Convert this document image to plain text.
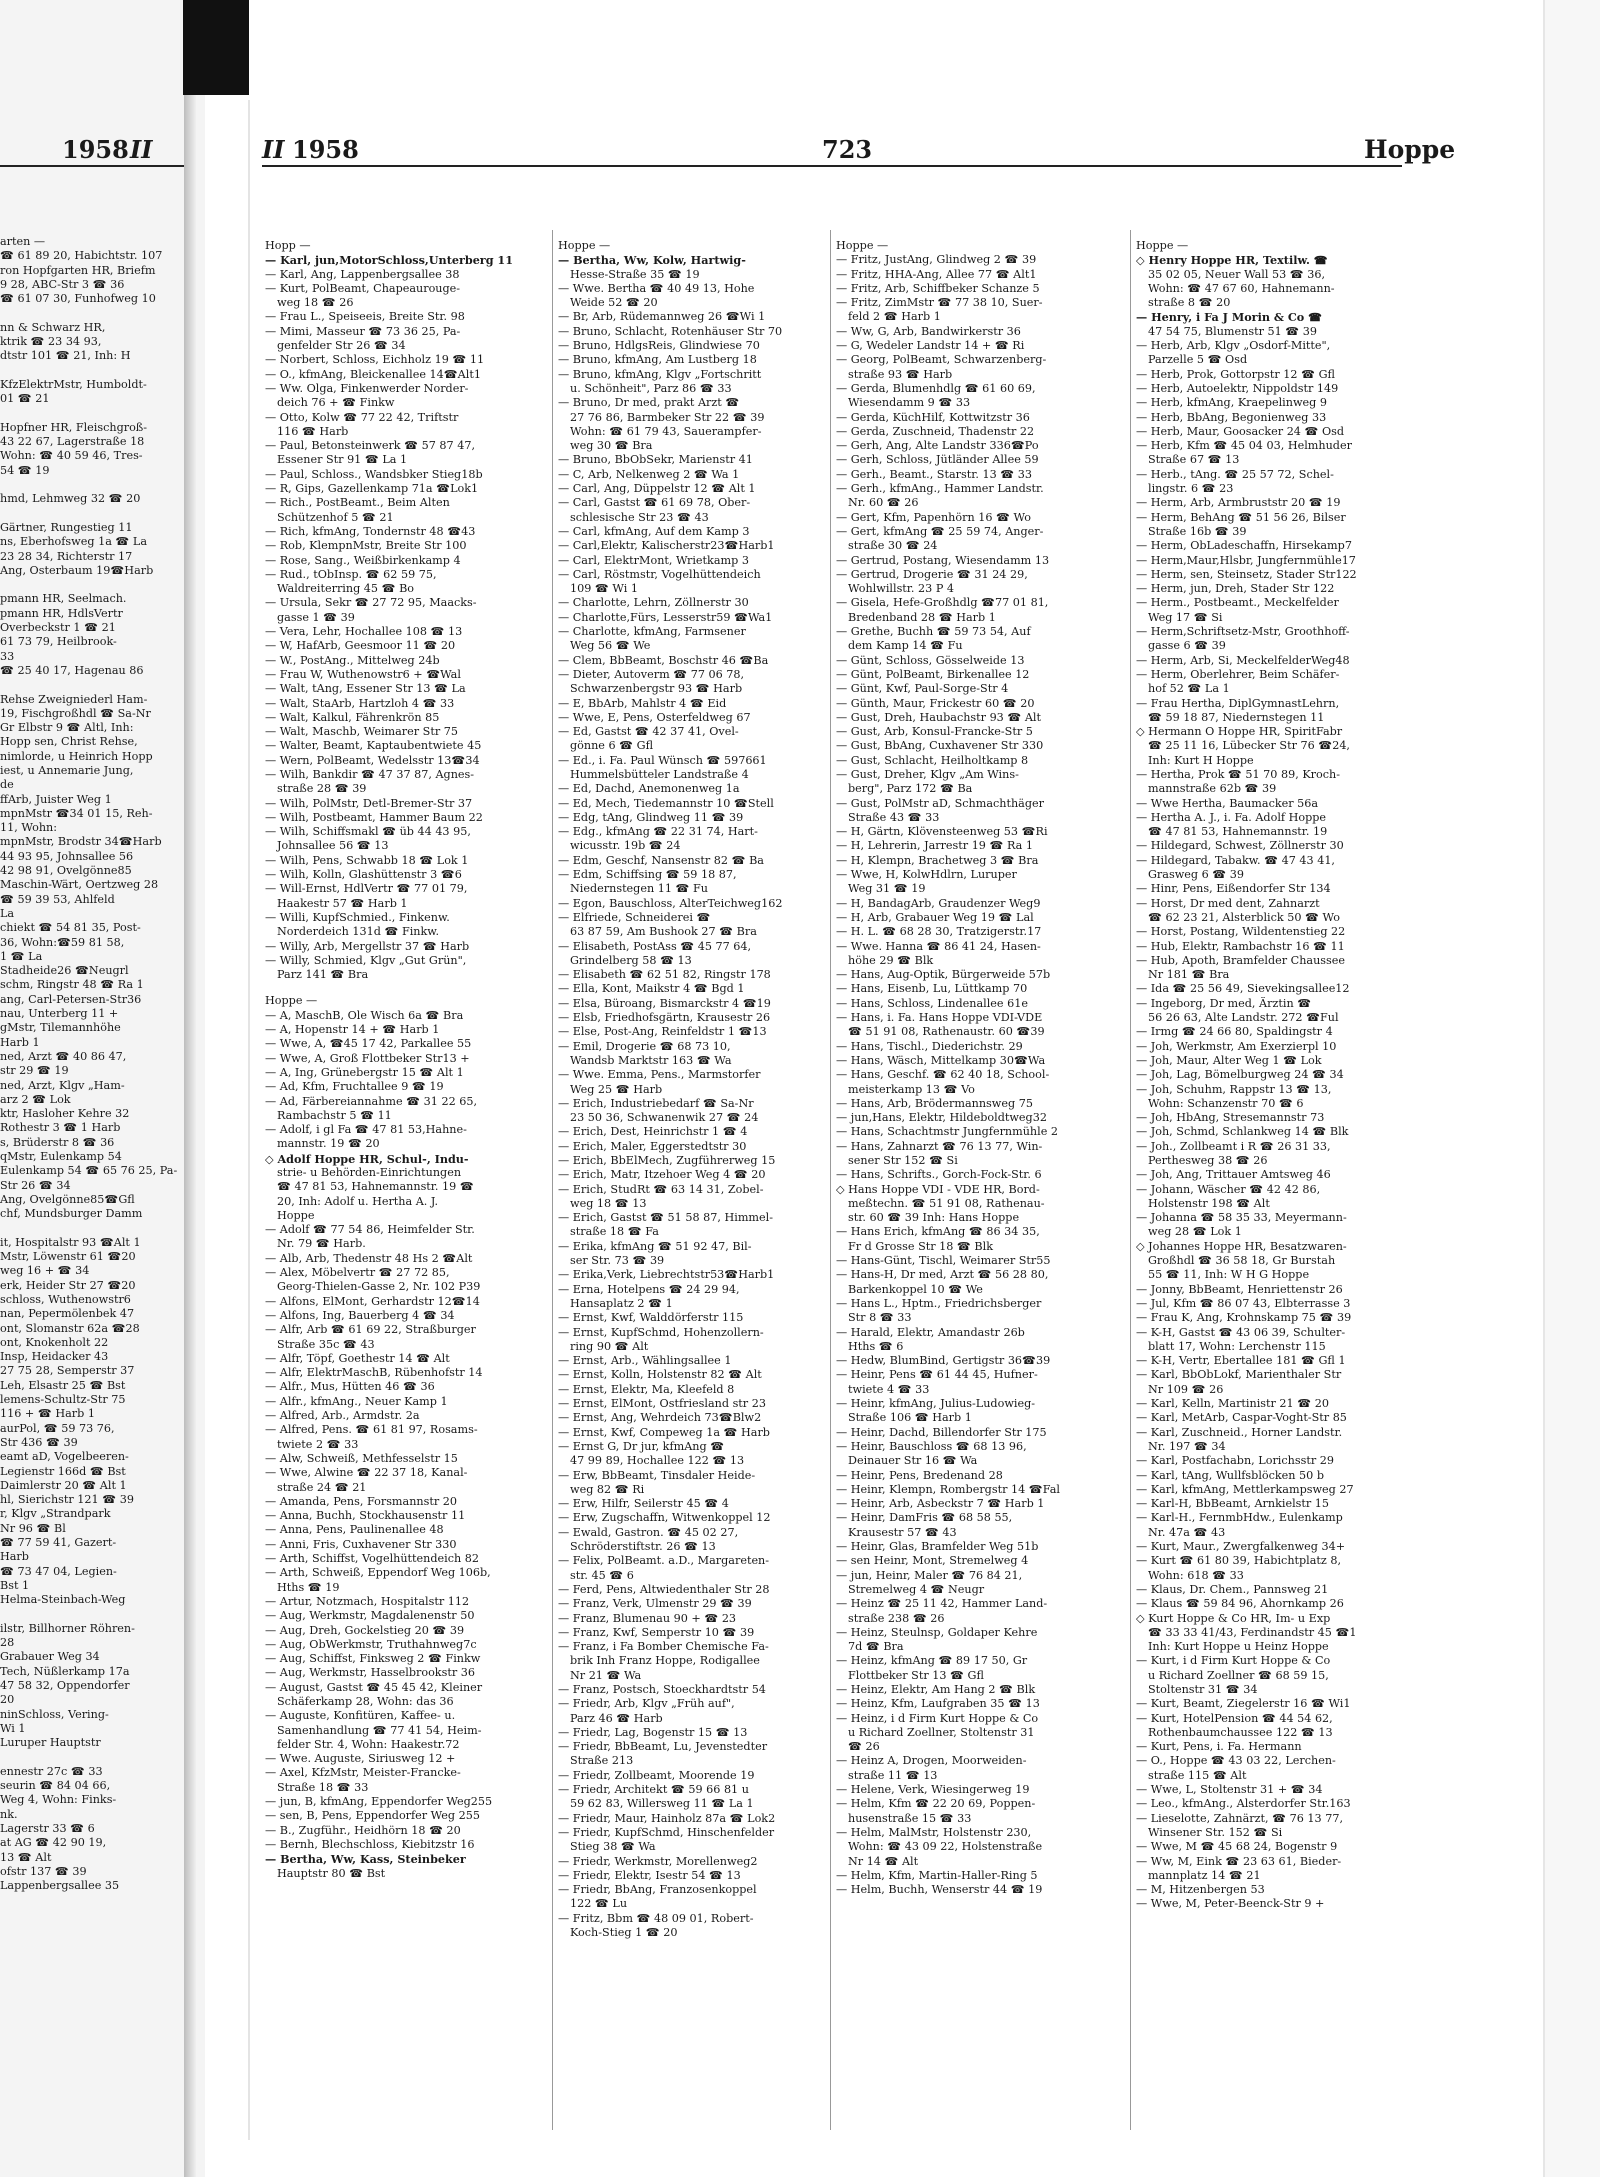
1958 II
arten —
☎ 61 89 20, Habichtstr. 107
ron Hopfgarten HR, Briefm
9 28, ABC-Str 3 ☎ 36
☎ 61 07 30, Funhofweg 10

nn & Schwarz HR,
ktrik ☎ 23 34 93,
dtstr 101 ☎ 21, Inh: H

KfzElektrMstr, Humboldt-
01 ☎ 21

Hopfner HR, Fleischgroß-
43 22 67, Lagerstraße 18
Wohn: ☎ 40 59 46, Tres-
54 ☎ 19

hmd, Lehmweg 32 ☎ 20

Gärtner, Rungestieg 11
ns, Eberhofsweg 1a ☎ La
23 28 34, Richterstr 17
Ang, Osterbaum 19☎Harb

pmann HR, Seelmach.
pmann HR, HdlsVertr
Overbeckstr 1 ☎ 21
61 73 79, Heilbrook-
33
☎ 25 40 17, Hagenau 86

Rehse Zweigniederl Ham-
19, Fischgroßhdl ☎ Sa-Nr
Gr Elbstr 9 ☎ Altl, Inh:
Hopp sen, Christ Rehse,
nimlorde, u Heinrich Hopp
iest, u Annemarie Jung,
de
ffArb, Juister Weg 1
mpnMstr ☎34 01 15, Reh-
11, Wohn:
mpnMstr, Brodstr 34☎Harb
44 93 95, Johnsallee 56
42 98 91, Ovelgönne85
Maschin-Wärt, Oertzweg 28
☎ 59 39 53, Ahlfeld
La
chiekt ☎ 54 81 35, Post-
36, Wohn:☎59 81 58,
1 ☎ La
Stadheide26 ☎Neugrl
schm, Ringstr 48 ☎ Ra 1
ang, Carl-Petersen-Str36
nau, Unterberg 11 +
gMstr, Tilemannhöhe
Harb 1
ned, Arzt ☎ 40 86 47,
str 29 ☎ 19
ned, Arzt, Klgv „Ham-
arz 2 ☎ Lok
ktr, Hasloher Kehre 32
Rothestr 3 ☎ 1 Harb
s, Brüderstr 8 ☎ 36
qMstr, Eulenkamp 54
Eulenkamp 54 ☎ 65 76 25, Pa-
Str 26 ☎ 34
Ang, Ovelgönne85☎Gfl
chf, Mundsburger Damm

it, Hospitalstr 93 ☎Alt 1
Mstr, Löwenstr 61 ☎20
weg 16 + ☎ 34
erk, Heider Str 27 ☎20
schloss, Wuthenowstr6
nan, Pepermölenbek 47
ont, Slomanstr 62a ☎28
ont, Knokenholt 22
Insp, Heidacker 43
27 75 28, Semperstr 37
Leh, Elsastr 25 ☎ Bst
lemens-Schultz-Str 75
116 + ☎ Harb 1
aurPol, ☎ 59 73 76,
Str 436 ☎ 39
eamt aD, Vogelbeeren-
Legienstr 166d ☎ Bst
Daimlerstr 20 ☎ Alt 1
hl, Sierichstr 121 ☎ 39
r, Klgv „Strandpark
Nr 96 ☎ Bl
☎ 77 59 41, Gazert-
Harb
☎ 73 47 04, Legien-
Bst 1
Helma-Steinbach-Weg

ilstr, Billhorner Röhren-
28
Grabauer Weg 34
Tech, Nüßlerkamp 17a
47 58 32, Oppendorfer
20
ninSchloss, Vering-
Wi 1
Luruper Hauptstr

ennestr 27c ☎ 33
seurin ☎ 84 04 66,
Weg 4, Wohn: Finks-
nk.
Lagerstr 33 ☎ 6
at AG ☎ 42 90 19,
13 ☎ Alt
ofstr 137 ☎ 39
Lappenbergsallee 35
II 1958	723	Hoppe
Hopp —
— Karl, jun,MotorSchloss,Unterberg 11
— Karl, Ang, Lappenbergsallee 38
— Kurt, PolBeamt, Chapeaurouge-
weg 18 ☎ 26
— Frau L., Speiseeis, Breite Str. 98
— Mimi, Masseur ☎ 73 36 25, Pa-
genfelder Str 26 ☎ 34
— Norbert, Schloss, Eichholz 19 ☎ 11
— O., kfmAng, Bleickenallee 14☎Alt1
— Ww. Olga, Finkenwerder Norder-
deich 76 + ☎ Finkw
— Otto, Kolw ☎ 77 22 42, Triftstr
116 ☎ Harb
— Paul, Betonsteinwerk ☎ 57 87 47,
Essener Str 91 ☎ La 1
— Paul, Schloss., Wandsbker Stieg18b
— R, Gips, Gazellenkamp 71a ☎Lok1
— Rich., PostBeamt., Beim Alten
Schützenhof 5 ☎ 21
— Rich, kfmAng, Tondernstr 48 ☎43
— Rob, KlempnMstr, Breite Str 100
— Rose, Sang., Weißbirkenkamp 4
— Rud., tObInsp. ☎ 62 59 75,
Waldreiterring 45 ☎ Bo
— Ursula, Sekr ☎ 27 72 95, Maacks-
gasse 1 ☎ 39
— Vera, Lehr, Hochallee 108 ☎ 13
— W, HafArb, Geesmoor 11 ☎ 20
— W., PostAng., Mittelweg 24b
— Frau W, Wuthenowstr6 + ☎Wal
— Walt, tAng, Essener Str 13 ☎ La
— Walt, StaArb, Hartzloh 4 ☎ 33
— Walt, Kalkul, Fährenkrön 85
— Walt, Maschb, Weimarer Str 75
— Walter, Beamt, Kaptaubentwiete 45
— Wern, PolBeamt, Wedelsstr 13☎34
— Wilh, Bankdir ☎ 47 37 87, Agnes-
straße 28 ☎ 39
— Wilh, PolMstr, Detl-Bremer-Str 37
— Wilh, Postbeamt, Hammer Baum 22
— Wilh, Schiffsmakl ☎ üb 44 43 95,
Johnsallee 56 ☎ 13
— Wilh, Pens, Schwabb 18 ☎ Lok 1
— Wilh, Kolln, Glashüttenstr 3 ☎6
— Will-Ernst, HdlVertr ☎ 77 01 79,
Haakestr 57 ☎ Harb 1
— Willi, KupfSchmied., Finkenw.
Norderdeich 131d ☎ Finkw.
— Willy, Arb, Mergellstr 37 ☎ Harb
— Willy, Schmied, Klgv „Gut Grün",
Parz 141 ☎ Bra
Hoppe —
— A, MaschB, Ole Wisch 6a ☎ Bra
— A, Hopenstr 14 + ☎ Harb 1
— Wwe, A, ☎45 17 42, Parkallee 55
— Wwe, A, Groß Flottbeker Str13 +
— A, Ing, Grünebergstr 15 ☎ Alt 1
— Ad, Kfm, Fruchtallee 9 ☎ 19
— Ad, Färbereiannahme ☎ 31 22 65,
Rambachstr 5 ☎ 11
— Adolf, i gl Fa ☎ 47 81 53,Hahne-
mannstr. 19 ☎ 20
◇ Adolf Hoppe HR, Schul-, Indu-
strie- u Behörden-Einrichtungen
☎ 47 81 53, Hahnemannstr. 19 ☎
20, Inh: Adolf u. Hertha A. J.
Hoppe
— Adolf ☎ 77 54 86, Heimfelder Str.
Nr. 79 ☎ Harb.
— Alb, Arb, Thedenstr 48 Hs 2 ☎Alt
— Alex, Möbelvertr ☎ 27 72 85,
Georg-Thielen-Gasse 2, Nr. 102 P39
— Alfons, ElMont, Gerhardstr 12☎14
— Alfons, Ing, Bauerberg 4 ☎ 34
— Alfr, Arb ☎ 61 69 22, Straßburger
Straße 35c ☎ 43
— Alfr, Töpf, Goethestr 14 ☎ Alt
— Alfr, ElektrMaschB, Rübenhofstr 14
— Alfr., Mus, Hütten 46 ☎ 36
— Alfr., kfmAng., Neuer Kamp 1
— Alfred, Arb., Armdstr. 2a
— Alfred, Pens. ☎ 61 81 97, Rosams-
twiete 2 ☎ 33
— Alw, Schweiß, Methfesselstr 15
— Wwe, Alwine ☎ 22 37 18, Kanal-
straße 24 ☎ 21
— Amanda, Pens, Forsmannstr 20
— Anna, Buchh, Stockhausenstr 11
— Anna, Pens, Paulinenallee 48
— Anni, Fris, Cuxhavener Str 330
— Arth, Schiffst, Vogelhüttendeich 82
— Arth, Schweiß, Eppendorf Weg 106b,
Hths ☎ 19
— Artur, Notzmach, Hospitalstr 112
— Aug, Werkmstr, Magdalenenstr 50
— Aug, Dreh, Gockelstieg 20 ☎ 39
— Aug, ObWerkmstr, Truthahnweg7c
— Aug, Schiffst, Finksweg 2 ☎ Finkw
— Aug, Werkmstr, Hasselbrookstr 36
— August, Gastst ☎ 45 45 42, Kleiner
Schäferkamp 28, Wohn: das 36
— Auguste, Konfitüren, Kaffee- u.
Samenhandlung ☎ 77 41 54, Heim-
felder Str. 4, Wohn: Haakestr.72
— Wwe. Auguste, Siriusweg 12 +
— Axel, KfzMstr, Meister-Francke-
Straße 18 ☎ 33
— jun, B, kfmAng, Eppendorfer Weg255
— sen, B, Pens, Eppendorfer Weg 255
— B., Zugführ., Heidhörn 18 ☎ 20
— Bernh, Blechschloss, Kiebitzstr 16
— Bertha, Ww, Kass, Steinbeker
Hauptstr 80 ☎ Bst
Hoppe —
— Bertha, Ww, Kolw, Hartwig-
Hesse-Straße 35 ☎ 19
— Wwe. Bertha ☎ 40 49 13, Hohe
Weide 52 ☎ 20
— Br, Arb, Rüdemannweg 26 ☎Wi 1
— Bruno, Schlacht, Rotenhäuser Str 70
— Bruno, HdlgsReis, Glindwiese 70
— Bruno, kfmAng, Am Lustberg 18
— Bruno, kfmAng, Klgv „Fortschritt
u. Schönheit", Parz 86 ☎ 33
— Bruno, Dr med, prakt Arzt ☎
27 76 86, Barmbeker Str 22 ☎ 39
Wohn: ☎ 61 79 43, Sauerampfer-
weg 30 ☎ Bra
— Bruno, BbObSekr, Marienstr 41
— C, Arb, Nelkenweg 2 ☎ Wa 1
— Carl, Ang, Düppelstr 12 ☎ Alt 1
— Carl, Gastst ☎ 61 69 78, Ober-
schlesische Str 23 ☎ 43
— Carl, kfmAng, Auf dem Kamp 3
— Carl,Elektr, Kalischerstr23☎Harb1
— Carl, ElektrMont, Wrietkamp 3
— Carl, Röstmstr, Vogelhüttendeich
109 ☎ Wi 1
— Charlotte, Lehrn, Zöllnerstr 30
— Charlotte,Fürs, Lesserstr59 ☎Wa1
— Charlotte, kfmAng, Farmsener
Weg 56 ☎ We
— Clem, BbBeamt, Boschstr 46 ☎Ba
— Dieter, Autoverm ☎ 77 06 78,
Schwarzenbergstr 93 ☎ Harb
— E, BbArb, Mahlstr 4 ☎ Eid
— Wwe, E, Pens, Osterfeldweg 67
— Ed, Gastst ☎ 42 37 41, Ovel-
gönne 6 ☎ Gfl
— Ed., i. Fa. Paul Wünsch ☎ 597661
Hummelsbütteler Landstraße 4
— Ed, Dachd, Anemonenweg 1a
— Ed, Mech, Tiedemannstr 10 ☎Stell
— Edg, tAng, Glindweg 11 ☎ 39
— Edg., kfmAng ☎ 22 31 74, Hart-
wicusstr. 19b ☎ 24
— Edm, Geschf, Nansenstr 82 ☎ Ba
— Edm, Schiffsing ☎ 59 18 87,
Niedernstegen 11 ☎ Fu
— Egon, Bauschloss, AlterTeichweg162
— Elfriede, Schneiderei ☎
63 87 59, Am Bushook 27 ☎ Bra
— Elisabeth, PostAss ☎ 45 77 64,
Grindelberg 58 ☎ 13
— Elisabeth ☎ 62 51 82, Ringstr 178
— Ella, Kont, Maikstr 4 ☎ Bgd 1
— Elsa, Büroang, Bismarckstr 4 ☎19
— Elsb, Friedhofsgärtn, Krausestr 26
— Else, Post-Ang, Reinfeldstr 1 ☎13
— Emil, Drogerie ☎ 68 73 10,
Wandsb Marktstr 163 ☎ Wa
— Wwe. Emma, Pens., Marmstorfer
Weg 25 ☎ Harb
— Erich, Industriebedarf ☎ Sa-Nr
23 50 36, Schwanenwik 27 ☎ 24
— Erich, Dest, Heinrichstr 1 ☎ 4
— Erich, Maler, Eggerstedtstr 30
— Erich, BbElMech, Zugführerweg 15
— Erich, Matr, Itzehoer Weg 4 ☎ 20
— Erich, StudRt ☎ 63 14 31, Zobel-
weg 18 ☎ 13
— Erich, Gastst ☎ 51 58 87, Himmel-
straße 18 ☎ Fa
— Erika, kfmAng ☎ 51 92 47, Bil-
ser Str. 73 ☎ 39
— Erika,Verk, Liebrechtstr53☎Harb1
— Erna, Hotelpens ☎ 24 29 94,
Hansaplatz 2 ☎ 1
— Ernst, Kwf, Walddörferstr 115
— Ernst, KupfSchmd, Hohenzollern-
ring 90 ☎ Alt
— Ernst, Arb., Wählingsallee 1
— Ernst, Kolln, Holstenstr 82 ☎ Alt
— Ernst, Elektr, Ma, Kleefeld 8
— Ernst, ElMont, Ostfriesland str 23
— Ernst, Ang, Wehrdeich 73☎Blw2
— Ernst, Kwf, Compeweg 1a ☎ Harb
— Ernst G, Dr jur, kfmAng ☎
47 99 89, Hochallee 122 ☎ 13
— Erw, BbBeamt, Tinsdaler Heide-
weg 82 ☎ Ri
— Erw, Hilfr, Seilerstr 45 ☎ 4
— Erw, Zugschaffn, Witwenkoppel 12
— Ewald, Gastron. ☎ 45 02 27,
Schröderstiftstr. 26 ☎ 13
— Felix, PolBeamt. a.D., Margareten-
str. 45 ☎ 6
— Ferd, Pens, Altwiedenthaler Str 28
— Franz, Verk, Ulmenstr 29 ☎ 39
— Franz, Blumenau 90 + ☎ 23
— Franz, Kwf, Semperstr 10 ☎ 39
— Franz, i Fa Bomber Chemische Fa-
brik Inh Franz Hoppe, Rodigallee
Nr 21 ☎ Wa
— Franz, Postsch, Stoeckhardtstr 54
— Friedr, Arb, Klgv „Früh auf",
Parz 46 ☎ Harb
— Friedr, Lag, Bogenstr 15 ☎ 13
— Friedr, BbBeamt, Lu, Jevenstedter
Straße 213
— Friedr, Zollbeamt, Moorende 19
— Friedr, Architekt ☎ 59 66 81 u
59 62 83, Willersweg 11 ☎ La 1
— Friedr, Maur, Hainholz 87a ☎ Lok2
— Friedr, KupfSchmd, Hinschenfelder
Stieg 38 ☎ Wa
— Friedr, Werkmstr, Morellenweg2
— Friedr, Elektr, Isestr 54 ☎ 13
— Friedr, BbAng, Franzosenkoppel
122 ☎ Lu
— Fritz, Bbm ☎ 48 09 01, Robert-
Koch-Stieg 1 ☎ 20
Hoppe —
— Fritz, JustAng, Glindweg 2 ☎ 39
— Fritz, HHA-Ang, Allee 77 ☎ Alt1
— Fritz, Arb, Schiffbeker Schanze 5
— Fritz, ZimMstr ☎ 77 38 10, Suer-
feld 2 ☎ Harb 1
— Ww, G, Arb, Bandwirkerstr 36
— G, Wedeler Landstr 14 + ☎ Ri
— Georg, PolBeamt, Schwarzenberg-
straße 93 ☎ Harb
— Gerda, Blumenhdlg ☎ 61 60 69,
Wiesendamm 9 ☎ 33
— Gerda, KüchHilf, Kottwitzstr 36
— Gerda, Zuschneid, Thadenstr 22
— Gerh, Ang, Alte Landstr 336☎Po
— Gerh, Schloss, Jütländer Allee 59
— Gerh., Beamt., Starstr. 13 ☎ 33
— Gerh., kfmAng., Hammer Landstr.
Nr. 60 ☎ 26
— Gert, Kfm, Papenhörn 16 ☎ Wo
— Gert, kfmAng ☎ 25 59 74, Anger-
straße 30 ☎ 24
— Gertrud, Postang, Wiesendamm 13
— Gertrud, Drogerie ☎ 31 24 29,
Wohlwillstr. 23 P 4
— Gisela, Hefe-Großhdlg ☎77 01 81,
Bredenband 28 ☎ Harb 1
— Grethe, Buchh ☎ 59 73 54, Auf
dem Kamp 14 ☎ Fu
— Günt, Schloss, Gösselweide 13
— Günt, PolBeamt, Birkenallee 12
— Günt, Kwf, Paul-Sorge-Str 4
— Günth, Maur, Frickestr 60 ☎ 20
— Gust, Dreh, Haubachstr 93 ☎ Alt
— Gust, Arb, Konsul-Francke-Str 5
— Gust, BbAng, Cuxhavener Str 330
— Gust, Schlacht, Heilholtkamp 8
— Gust, Dreher, Klgv „Am Wins-
berg", Parz 172 ☎ Ba
— Gust, PolMstr aD, Schmachthäger
Straße 43 ☎ 33
— H, Gärtn, Klövensteenweg 53 ☎Ri
— H, Lehrerin, Jarrestr 19 ☎ Ra 1
— H, Klempn, Brachetweg 3 ☎ Bra
— Wwe, H, KolwHdlrn, Luruper
Weg 31 ☎ 19
— H, BandagArb, Graudenzer Weg9
— H, Arb, Grabauer Weg 19 ☎ Lal
— H. L. ☎ 68 28 30, Tratzigerstr.17
— Wwe. Hanna ☎ 86 41 24, Hasen-
höhe 29 ☎ Blk
— Hans, Aug-Optik, Bürgerweide 57b
— Hans, Eisenb, Lu, Lüttkamp 70
— Hans, Schloss, Lindenallee 61e
— Hans, i. Fa. Hans Hoppe VDI-VDE
☎ 51 91 08, Rathenaustr. 60 ☎39
— Hans, Tischl., Diederichstr. 29
— Hans, Wäsch, Mittelkamp 30☎Wa
— Hans, Geschf. ☎ 62 40 18, School-
meisterkamp 13 ☎ Vo
— Hans, Arb, Brödermannsweg 75
— jun,Hans, Elektr, Hildeboldtweg32
— Hans, Schachtmstr Jungfernmühle 2
— Hans, Zahnarzt ☎ 76 13 77, Win-
sener Str 152 ☎ Si
— Hans, Schrifts., Gorch-Fock-Str. 6
◇ Hans Hoppe VDI - VDE HR, Bord-
meßtechn. ☎ 51 91 08, Rathenau-
str. 60 ☎ 39 Inh: Hans Hoppe
— Hans Erich, kfmAng ☎ 86 34 35,
Fr d Grosse Str 18 ☎ Blk
— Hans-Günt, Tischl, Weimarer Str55
— Hans-H, Dr med, Arzt ☎ 56 28 80,
Barkenkoppel 10 ☎ We
— Hans L., Hptm., Friedrichsberger
Str 8 ☎ 33
— Harald, Elektr, Amandastr 26b
Hths ☎ 6
— Hedw, BlumBind, Gertigstr 36☎39
— Heinr, Pens ☎ 61 44 45, Hufner-
twiete 4 ☎ 33
— Heinr, kfmAng, Julius-Ludowieg-
Straße 106 ☎ Harb 1
— Heinr, Dachd, Billendorfer Str 175
— Heinr, Bauschloss ☎ 68 13 96,
Deinauer Str 16 ☎ Wa
— Heinr, Pens, Bredenand 28
— Heinr, Klempn, Rombergstr 14 ☎Fal
— Heinr, Arb, Asbeckstr 7 ☎ Harb 1
— Heinr, DamFris ☎ 68 58 55,
Krausestr 57 ☎ 43
— Heinr, Glas, Bramfelder Weg 51b
— sen Heinr, Mont, Stremelweg 4
— jun, Heinr, Maler ☎ 76 84 21,
Stremelweg 4 ☎ Neugr
— Heinz ☎ 25 11 42, Hammer Land-
straße 238 ☎ 26
— Heinz, Steulnsp, Goldaper Kehre
7d ☎ Bra
— Heinz, kfmAng ☎ 89 17 50, Gr
Flottbeker Str 13 ☎ Gfl
— Heinz, Elektr, Am Hang 2 ☎ Blk
— Heinz, Kfm, Laufgraben 35 ☎ 13
— Heinz, i d Firm Kurt Hoppe & Co
u Richard Zoellner, Stoltenstr 31
☎ 26
— Heinz A, Drogen, Moorweiden-
straße 11 ☎ 13
— Helene, Verk, Wiesingerweg 19
— Helm, Kfm ☎ 22 20 69, Poppen-
husenstraße 15 ☎ 33
— Helm, MalMstr, Holstenstr 230,
Wohn: ☎ 43 09 22, Holstenstraße
Nr 14 ☎ Alt
— Helm, Kfm, Martin-Haller-Ring 5
— Helm, Buchh, Wenserstr 44 ☎ 19
Hoppe —
◇ Henry Hoppe HR, Textilw. ☎
35 02 05, Neuer Wall 53 ☎ 36,
Wohn: ☎ 47 67 60, Hahnemann-
straße 8 ☎ 20
— Henry, i Fa J Morin & Co ☎
47 54 75, Blumenstr 51 ☎ 39
— Herb, Arb, Klgv „Osdorf-Mitte",
Parzelle 5 ☎ Osd
— Herb, Prok, Gottorpstr 12 ☎ Gfl
— Herb, Autoelektr, Nippoldstr 149
— Herb, kfmAng, Kraepelinweg 9
— Herb, BbAng, Begonienweg 33
— Herb, Maur, Goosacker 24 ☎ Osd
— Herb, Kfm ☎ 45 04 03, Helmhuder
Straße 67 ☎ 13
— Herb., tAng. ☎ 25 57 72, Schel-
lingstr. 6 ☎ 23
— Herm, Arb, Armbruststr 20 ☎ 19
— Herm, BehAng ☎ 51 56 26, Bilser
Straße 16b ☎ 39
— Herm, ObLadeschaffn, Hirsekamp7
— Herm,Maur,Hlsbr, Jungfernmühle17
— Herm, sen, Steinsetz, Stader Str122
— Herm, jun, Dreh, Stader Str 122
— Herm., Postbeamt., Meckelfelder
Weg 17 ☎ Si
— Herm,Schriftsetz-Mstr, Groothhoff-
gasse 6 ☎ 39
— Herm, Arb, Si, MeckelfelderWeg48
— Herm, Oberlehrer, Beim Schäfer-
hof 52 ☎ La 1
— Frau Hertha, DiplGymnastLehrn,
☎ 59 18 87, Niedernstegen 11
◇ Hermann O Hoppe HR, SpiritFabr
☎ 25 11 16, Lübecker Str 76 ☎24,
Inh: Kurt H Hoppe
— Hertha, Prok ☎ 51 70 89, Kroch-
mannstraße 62b ☎ 39
— Wwe Hertha, Baumacker 56a
— Hertha A. J., i. Fa. Adolf Hoppe
☎ 47 81 53, Hahnemannstr. 19
— Hildegard, Schwest, Zöllnerstr 30
— Hildegard, Tabakw. ☎ 47 43 41,
Grasweg 6 ☎ 39
— Hinr, Pens, Eißendorfer Str 134
— Horst, Dr med dent, Zahnarzt
☎ 62 23 21, Alsterblick 50 ☎ Wo
— Horst, Postang, Wildentenstieg 22
— Hub, Elektr, Rambachstr 16 ☎ 11
— Hub, Apoth, Bramfelder Chaussee
Nr 181 ☎ Bra
— Ida ☎ 25 56 49, Sievekingsallee12
— Ingeborg, Dr med, Ärztin ☎
56 26 63, Alte Landstr. 272 ☎Ful
— Irmg ☎ 24 66 80, Spaldingstr 4
— Joh, Werkmstr, Am Exerzierpl 10
— Joh, Maur, Alter Weg 1 ☎ Lok
— Joh, Lag, Bömelburgweg 24 ☎ 34
— Joh, Schuhm, Rappstr 13 ☎ 13,
Wohn: Schanzenstr 70 ☎ 6
— Joh, HbAng, Stresemannstr 73
— Joh, Schmd, Schlankweg 14 ☎ Blk
— Joh., Zollbeamt i R ☎ 26 31 33,
Perthesweg 38 ☎ 26
— Joh, Ang, Trittauer Amtsweg 46
— Johann, Wäscher ☎ 42 42 86,
Holstenstr 198 ☎ Alt
— Johanna ☎ 58 35 33, Meyermann-
weg 28 ☎ Lok 1
◇ Johannes Hoppe HR, Besatzwaren-
Großhdl ☎ 36 58 18, Gr Burstah
55 ☎ 11, Inh: W H G Hoppe
— Jonny, BbBeamt, Henriettenstr 26
— Jul, Kfm ☎ 86 07 43, Elbterrasse 3
— Frau K, Ang, Krohnskamp 75 ☎ 39
— K-H, Gastst ☎ 43 06 39, Schulter-
blatt 17, Wohn: Lerchenstr 115
— K-H, Vertr, Ebertallee 181 ☎ Gfl 1
— Karl, BbObLokf, Marienthaler Str
Nr 109 ☎ 26
— Karl, Kelln, Martinistr 21 ☎ 20
— Karl, MetArb, Caspar-Voght-Str 85
— Karl, Zuschneid., Horner Landstr.
Nr. 197 ☎ 34
— Karl, Postfachabn, Lorichsstr 29
— Karl, tAng, Wullfsblöcken 50 b
— Karl, kfmAng, Mettlerkampsweg 27
— Karl-H, BbBeamt, Arnkielstr 15
— Karl-H., FernmbHdw., Eulenkamp
Nr. 47a ☎ 43
— Kurt, Maur., Zwergfalkenweg 34+
— Kurt ☎ 61 80 39, Habichtplatz 8,
Wohn: 618 ☎ 33
— Klaus, Dr. Chem., Pannsweg 21
— Klaus ☎ 59 84 96, Ahornkamp 26
◇ Kurt Hoppe & Co HR, Im- u Exp
☎ 33 33 41/43, Ferdinandstr 45 ☎1
Inh: Kurt Hoppe u Heinz Hoppe
— Kurt, i d Firm Kurt Hoppe & Co
u Richard Zoellner ☎ 68 59 15,
Stoltenstr 31 ☎ 34
— Kurt, Beamt, Ziegelerstr 16 ☎ Wi1
— Kurt, HotelPension ☎ 44 54 62,
Rothenbaumchaussee 122 ☎ 13
— Kurt, Pens, i. Fa. Hermann
— O., Hoppe ☎ 43 03 22, Lerchen-
straße 115 ☎ Alt
— Wwe, L, Stoltenstr 31 + ☎ 34
— Leo., kfmAng., Alsterdorfer Str.163
— Lieselotte, Zahnärzt, ☎ 76 13 77,
Winsener Str. 152 ☎ Si
— Wwe, M ☎ 45 68 24, Bogenstr 9
— Ww, M, Eink ☎ 23 63 61, Bieder-
mannplatz 14 ☎ 21
— M, Hitzenbergen 53
— Wwe, M, Peter-Beenck-Str 9 +
